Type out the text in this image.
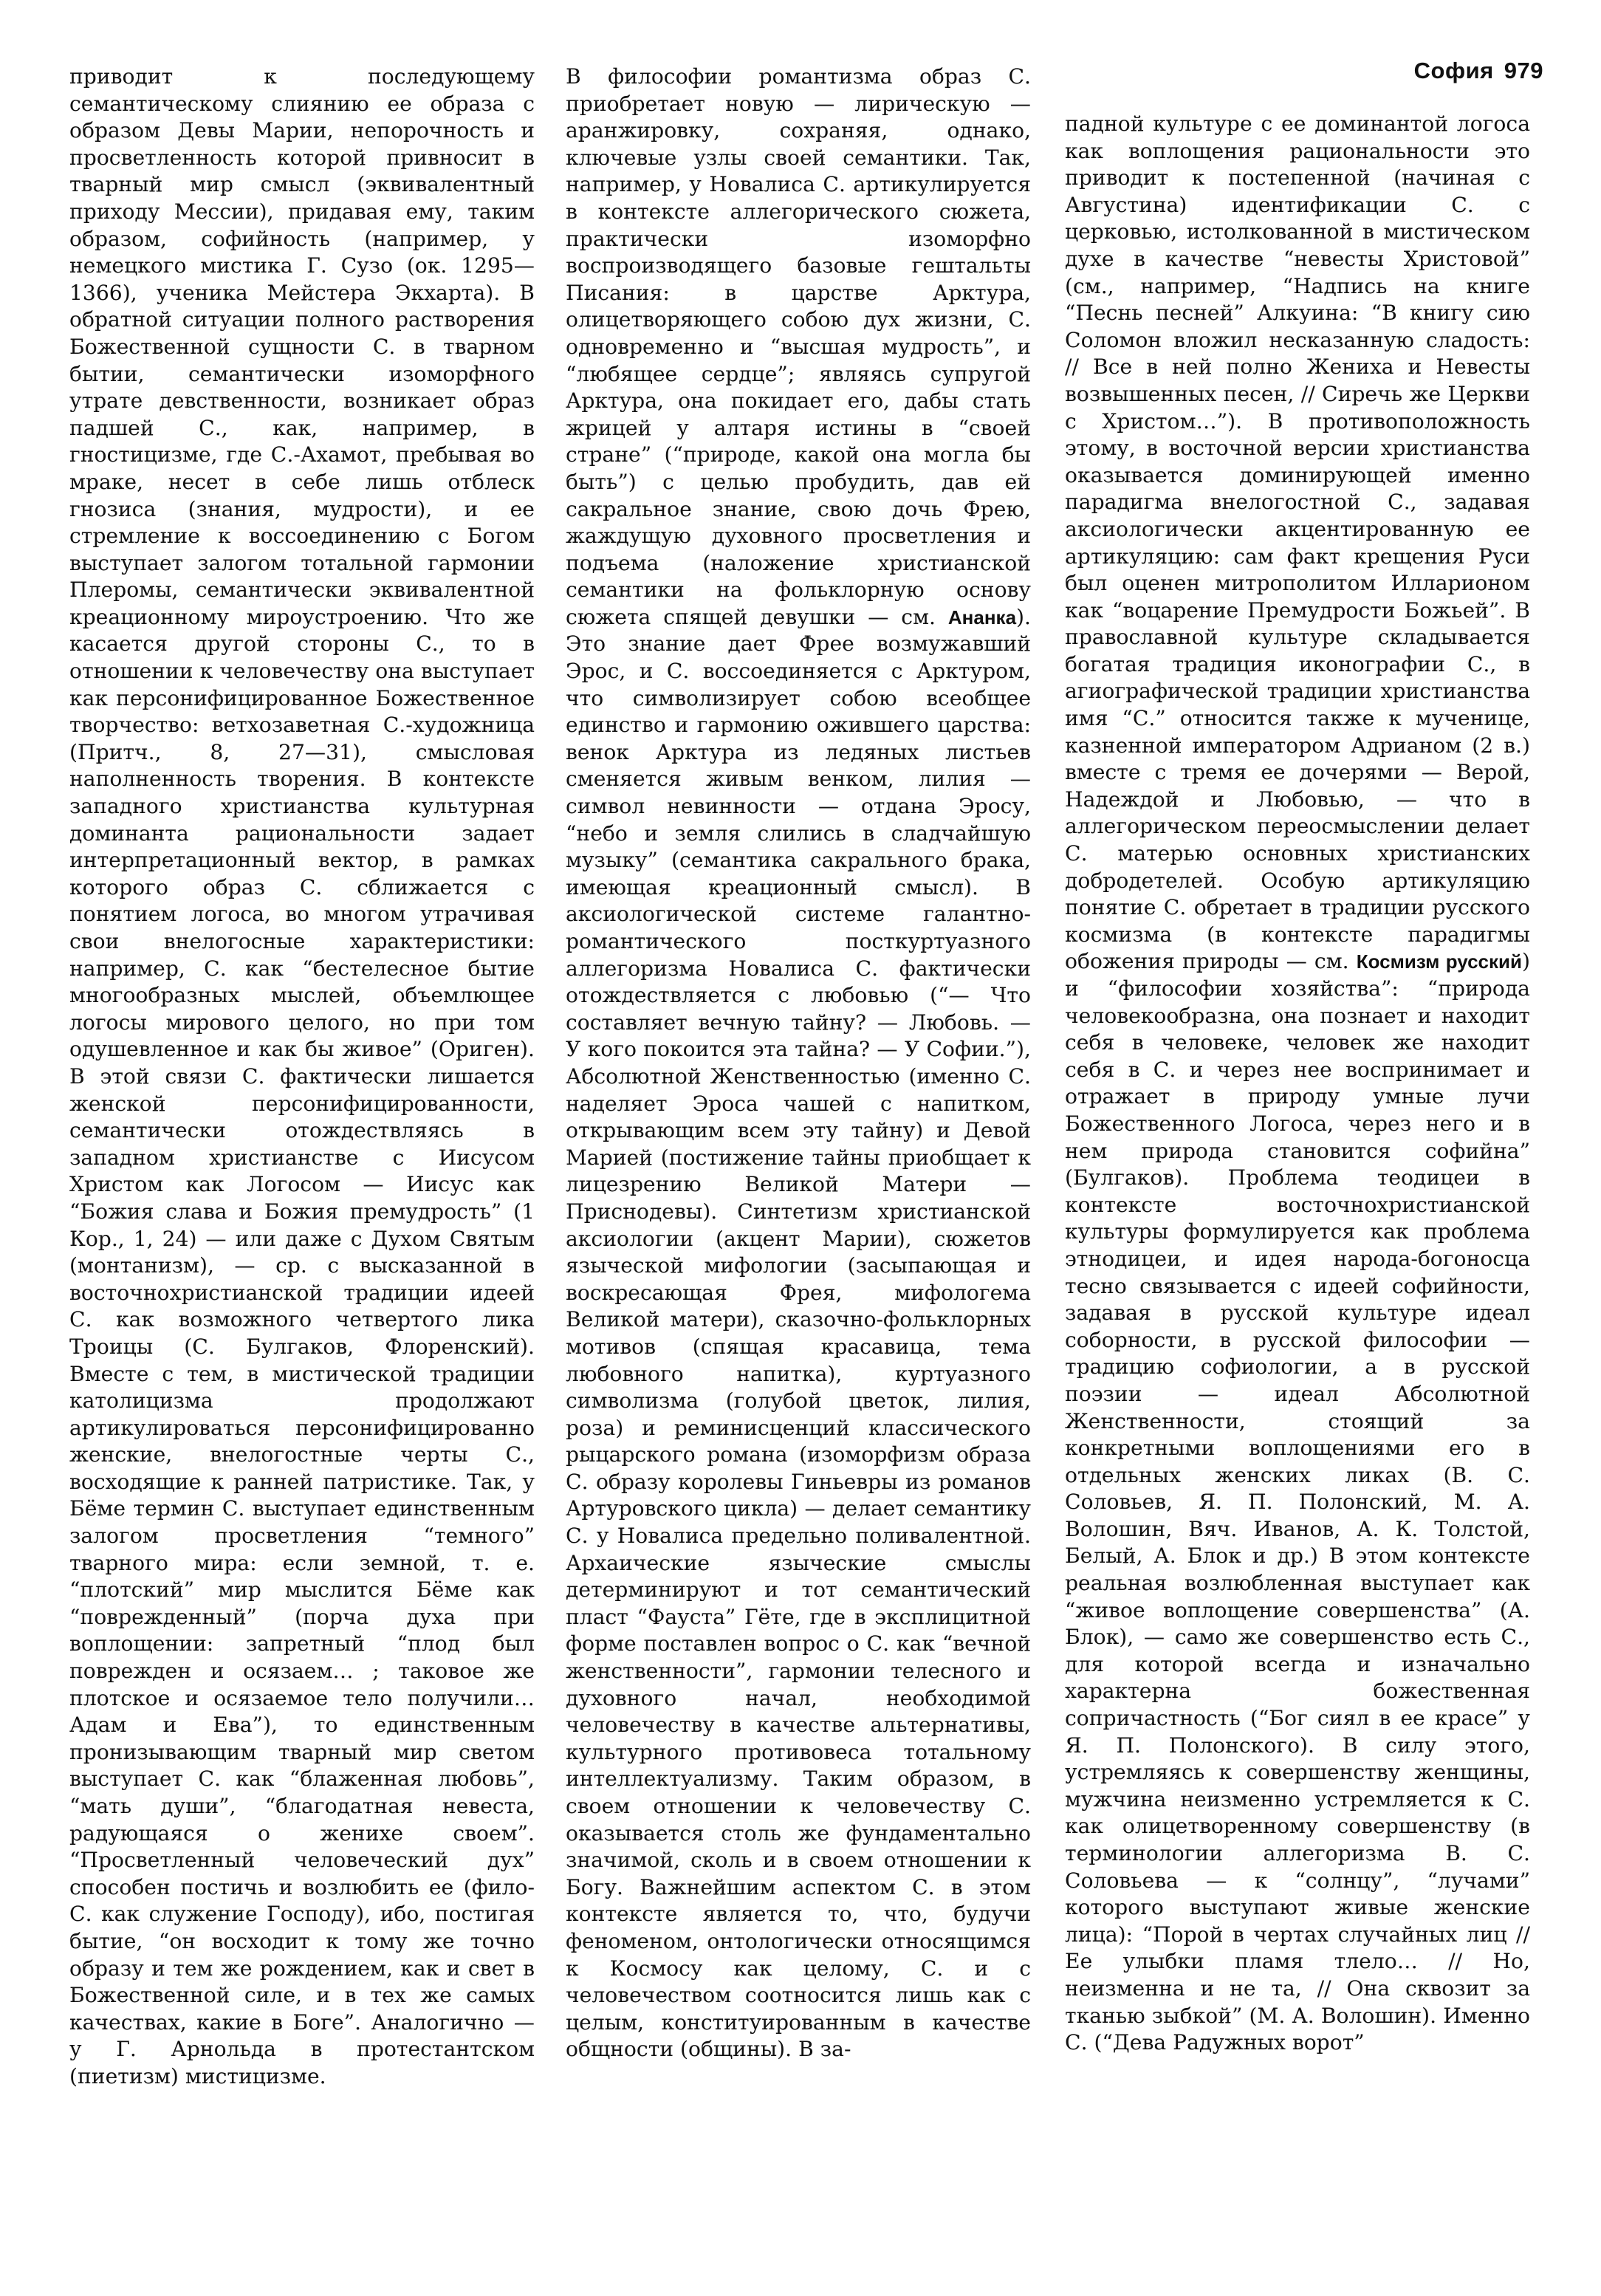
София 979

приводит к последующему семантическому слиянию ее образа с образом Девы Марии, непорочность и просветленность которой привносит в тварный мир смысл (эквивалентный приходу Мессии), придавая ему, таким образом, софийность (например, у немецкого мистика Г. Сузо (ок. 1295—1366), ученика Мейстера Экхарта). В обратной ситуации полного растворения Божественной сущности С. в тварном бытии, семантически изоморфного утрате девственности, возникает образ падшей С., как, например, в гностицизме, где С.-Ахамот, пребывая во мраке, несет в себе лишь отблеск гнозиса (знания, мудрости), и ее стремление к воссоединению с Богом выступает залогом тотальной гармонии Плеромы, семантически эквивалентной креационному мироустроению. Что же касается другой стороны С., то в отношении к человечеству она выступает как персонифицированное Божественное творчество: ветхозаветная С.-художница (Притч., 8, 27—31), смысловая наполненность творения. В контексте западного христианства культурная доминанта рациональности задает интерпретационный вектор, в рамках которого образ С. сближается с понятием логоса, во многом утрачивая свои внелогосные характеристики: например, С. как “бестелесное бытие многообразных мыслей, объемлющее логосы мирового целого, но при том одушевленное и как бы живое” (Ориген). В этой связи С. фактически лишается женской персонифицированности, семантически отождествляясь в западном христианстве с Иисусом Христом как Логосом — Иисус как “Божия слава и Божия премудрость” (1 Кор., 1, 24) — или даже с Духом Святым (монтанизм), — ср. с высказанной в восточнохристианской традиции идеей С. как возможного четвертого лика Троицы (С. Булгаков, Флоренский). Вместе с тем, в мистической традиции католицизма продолжают артикулироваться персонифицированно женские, внелогостные черты С., восходящие к ранней патристике. Так, у Бёме термин С. выступает единственным залогом просветления “темного” тварного мира: если земной, т. е. “плотский” мир мыслится Бёме как “поврежденный” (порча духа при воплощении: запретный “плод был поврежден и осязаем… ; таковое же плотское и осязаемое тело получили… Адам и Ева”), то единственным пронизывающим тварный мир светом выступает С. как “блаженная любовь”, “мать души”, “благодатная невеста, радующаяся о женихе своем”. “Просветленный человеческий дух” способен постичь и возлюбить ее (фило-С. как служение Господу), ибо, постигая бытие, “он восходит к тому же точно образу и тем же рождением, как и свет в Божественной силе, и в тех же самых качествах, какие в Боге”. Аналогично — у Г. Арнольда в протестантском (пиетизм) мистицизме.

В философии романтизма образ С. приобретает новую — лирическую — аранжировку, сохраняя, однако, ключевые узлы своей семантики. Так, например, у Новалиса С. артикулируется в контексте аллегорического сюжета, практически изоморфно воспроизводящего базовые гештальты Писания: в царстве Арктура, олицетворяющего собою дух жизни, С. одновременно и “высшая мудрость”, и “любящее сердце”; являясь супругой Арктура, она покидает его, дабы стать жрицей у алтаря истины в “своей стране” (“природе, какой она могла бы быть”) с целью пробудить, дав ей сакральное знание, свою дочь Фрею, жаждущую духовного просветления и подъема (наложение христианской семантики на фольклорную основу сюжета спящей девушки — см. Ананка). Это знание дает Фрее возмужавший Эрос, и С. воссоединяется с Арктуром, что символизирует собою всеобщее единство и гармонию ожившего царства: венок Арктура из ледяных листьев сменяется живым венком, лилия — символ невинности — отдана Эросу, “небо и земля слились в сладчайшую музыку” (семантика сакрального брака, имеющая креационный смысл). В аксиологической системе галантно-романтического посткуртуазного аллегоризма Новалиса С. фактически отождествляется с любовью (“— Что составляет вечную тайну? — Любовь. — У кого покоится эта тайна? — У Софии.”), Абсолютной Женственностью (именно С. наделяет Эроса чашей с напитком, открывающим всем эту тайну) и Девой Марией (постижение тайны приобщает к лицезрению Великой Матери — Приснодевы). Синтетизм христианской аксиологии (акцент Марии), сюжетов языческой мифологии (засыпающая и воскресающая Фрея, мифологема Великой матери), сказочно-фольклорных мотивов (спящая красавица, тема любовного напитка), куртуазного символизма (голубой цветок, лилия, роза) и реминисценций классического рыцарского романа (изоморфизм образа С. образу королевы Гиньевры из романов Артуровского цикла) — делает семантику С. у Новалиса предельно поливалентной. Архаические языческие смыслы детерминируют и тот семантический пласт “Фауста” Гёте, где в эксплицитной форме поставлен вопрос о С. как “вечной женственности”, гармонии телесного и духовного начал, необходимой человечеству в качестве альтернативы, культурного противовеса тотальному интеллектуализму. Таким образом, в своем отношении к человечеству С. оказывается столь же фундаментально значимой, сколь и в своем отношении к Богу. Важнейшим аспектом С. в этом контексте является то, что, будучи феноменом, онтологически относящимся к Космосу как целому, С. и с человечеством соотносится лишь как с целым, конституированным в качестве общности (общины). В за-

падной культуре с ее доминантой логоса как воплощения рациональности это приводит к постепенной (начиная с Августина) идентификации С. с церковью, истолкованной в мистическом духе в качестве “невесты Христовой” (см., например, “Надпись на книге “Песнь песней” Алкуина: “В книгу сию Соломон вложил несказанную сладость: // Все в ней полно Жениха и Невесты возвышенных песен, // Сиречь же Церкви с Христом…”). В противоположность этому, в восточной версии христианства оказывается доминирующей именно парадигма внелогостной С., задавая аксиологически акцентированную ее артикуляцию: сам факт крещения Руси был оценен митрополитом Илларионом как “воцарение Премудрости Божьей”. В православной культуре складывается богатая традиция иконографии С., в агиографической традиции христианства имя “С.” относится также к мученице, казненной императором Адрианом (2 в.) вместе с тремя ее дочерями — Верой, Надеждой и Любовью, — что в аллегорическом переосмыслении делает С. матерью основных христианских добродетелей. Особую артикуляцию понятие С. обретает в традиции русского космизма (в контексте парадигмы обожения природы — см. Космизм русский) и “философии хозяйства”: “природа человекообразна, она познает и находит себя в человеке, человек же находит себя в С. и через нее воспринимает и отражает в природу умные лучи Божественного Логоса, через него и в нем природа становится софийна” (Булгаков). Проблема теодицеи в контексте восточнохристианской культуры формулируется как проблема этнодицеи, и идея народа-богоносца тесно связывается с идеей софийности, задавая в русской культуре идеал соборности, в русской философии — традицию софиологии, а в русской поэзии — идеал Абсолютной Женственности, стоящий за конкретными воплощениями его в отдельных женских ликах (В. С. Соловьев, Я. П. Полонский, М. А. Волошин, Вяч. Иванов, А. К. Толстой, Белый, А. Блок и др.) В этом контексте реальная возлюбленная выступает как “живое воплощение совершенства” (А. Блок), — само же совершенство есть С., для которой всегда и изначально характерна божественная сопричастность (“Бог сиял в ее красе” у Я. П. Полонского). В силу этого, устремляясь к совершенству женщины, мужчина неизменно устремляется к С. как олицетворенному совершенству (в терминологии аллегоризма В. С. Соловьева — к “солнцу”, “лучами” которого выступают живые женские лица): “Порой в чертах случайных лиц // Ее улыбки пламя тлело… // Но, неизменна и не та, // Она сквозит за тканью зыбкой” (М. А. Волошин). Именно С. (“Дева Радужных ворот”
